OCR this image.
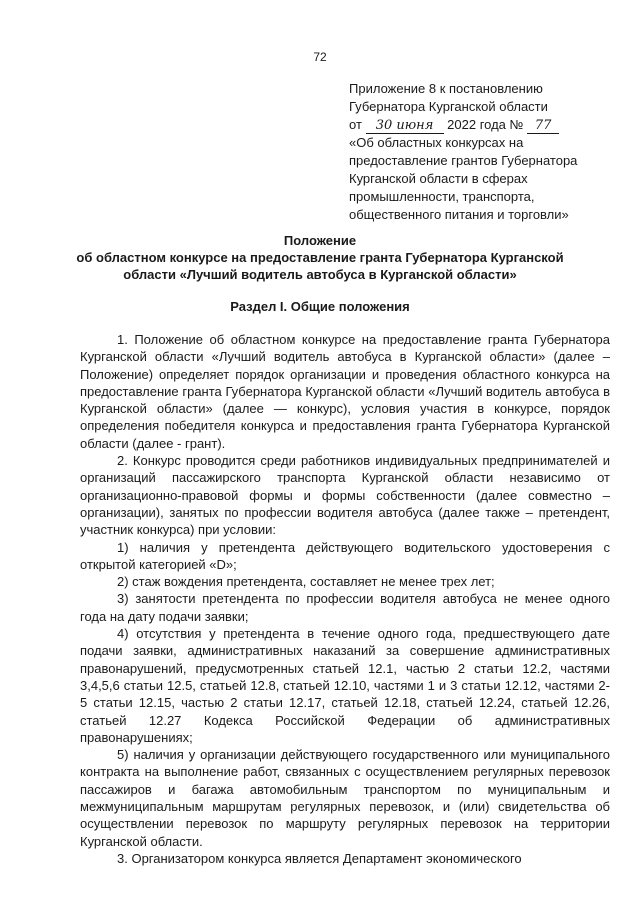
72
Приложение 8 к постановлению
Губернатора Курганской области
от 30 июня 2022 года № 77
«Об областных конкурсах на
предоставление грантов Губернатора
Курганской области в сферах
промышленности, транспорта,
общественного питания и торговли»
Положение
об областном конкурсе на предоставление гранта Губернатора Курганской
области «Лучший водитель автобуса в Курганской области»
Раздел I. Общие положения

1. Положение об областном конкурсе на предоставление гранта Губернатора Курганской области «Лучший водитель автобуса в Курганской области» (далее – Положение) определяет порядок организации и проведения областного конкурса на предоставление гранта Губернатора Курганской области «Лучший водитель автобуса в Курганской области» (далее — конкурс), условия участия в конкурсе, порядок определения победителя конкурса и предоставления гранта Губернатора Курганской области (далее - грант).

2. Конкурс проводится среди работников индивидуальных предпринимателей и организаций пассажирского транспорта Курганской области независимо от организационно-правовой формы и формы собственности (далее совместно – организации), занятых по профессии водителя автобуса (далее также – претендент, участник конкурса) при условии:

1) наличия у претендента действующего водительского удостоверения с открытой категорией «D»;

2) стаж вождения претендента, составляет не менее трех лет;

3) занятости претендента по профессии водителя автобуса не менее одного года на дату подачи заявки;

4) отсутствия у претендента в течение одного года, предшествующего дате подачи заявки, административных наказаний за совершение административных правонарушений, предусмотренных статьей 12.1, частью 2 статьи 12.2, частями 3,4,5,6 статьи 12.5, статьей 12.8, статьей 12.10, частями 1 и 3 статьи 12.12, частями 2-5 статьи 12.15, частью 2 статьи 12.17, статьей 12.18, статьей 12.24, статьей 12.26, статьей 12.27 Кодекса Российской Федерации об административных правонарушениях;

5) наличия у организации действующего государственного или муниципального контракта на выполнение работ, связанных с осуществлением регулярных перевозок пассажиров и багажа автомобильным транспортом по муниципальным и межмуниципальным маршрутам регулярных перевозок, и (или) свидетельства об осуществлении перевозок по маршруту регулярных перевозок на территории Курганской области.

3. Организатором конкурса является Департамент экономического
